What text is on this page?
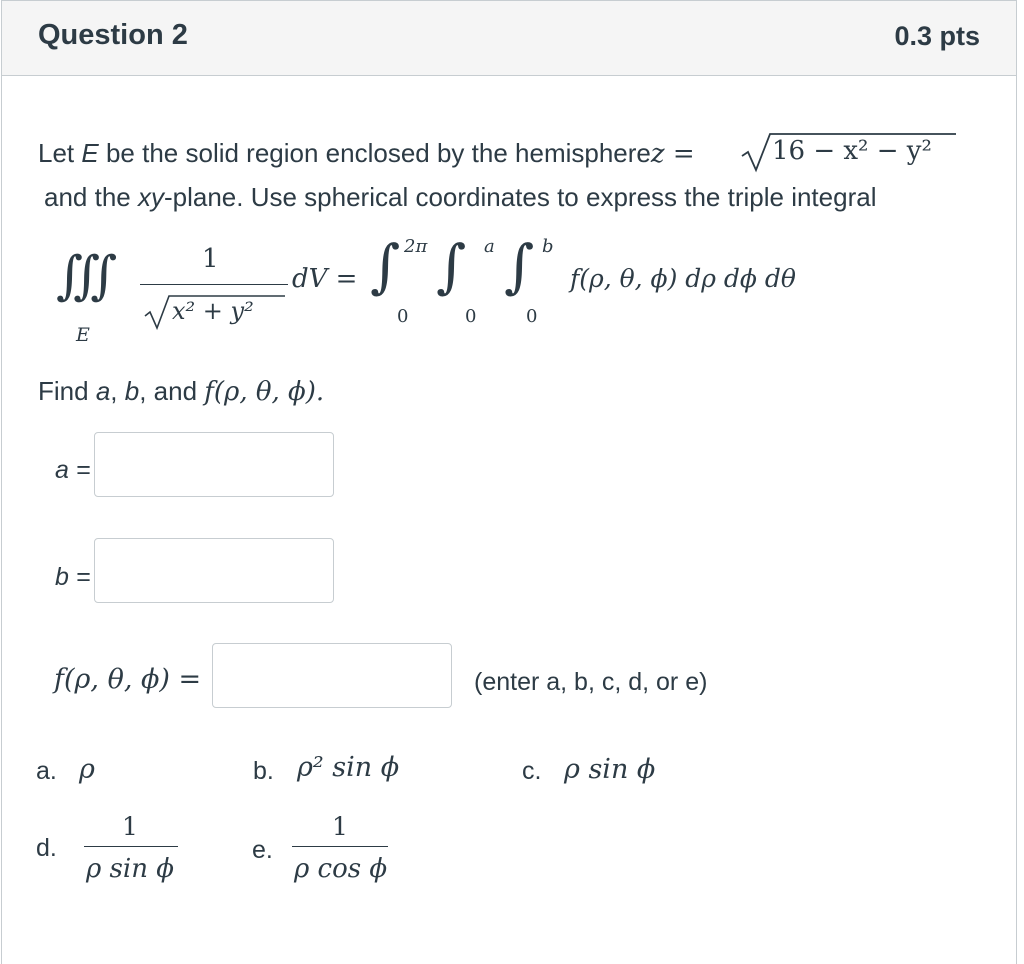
Question 2	0.3 pts
Let E be the solid region enclosed by the hemispherez =	16 − x² − y²
and the xy-plane. Use spherical coordinates to express the triple integral
∭
E
1
x² + y²
dV = ∫ 2π
0
∫ a
0
∫ b
0
f(ρ, θ, ϕ) dρ dϕ dθ
Find a, b, and f(ρ, θ, ϕ).
a =
b =
f(ρ, θ, ϕ) =	(enter a, b, c, d, or e)
a. ρ	b. ρ² sin ϕ	c. ρ sin ϕ
d.
1
ρ sin ϕ
e.
1
ρ cos ϕ
